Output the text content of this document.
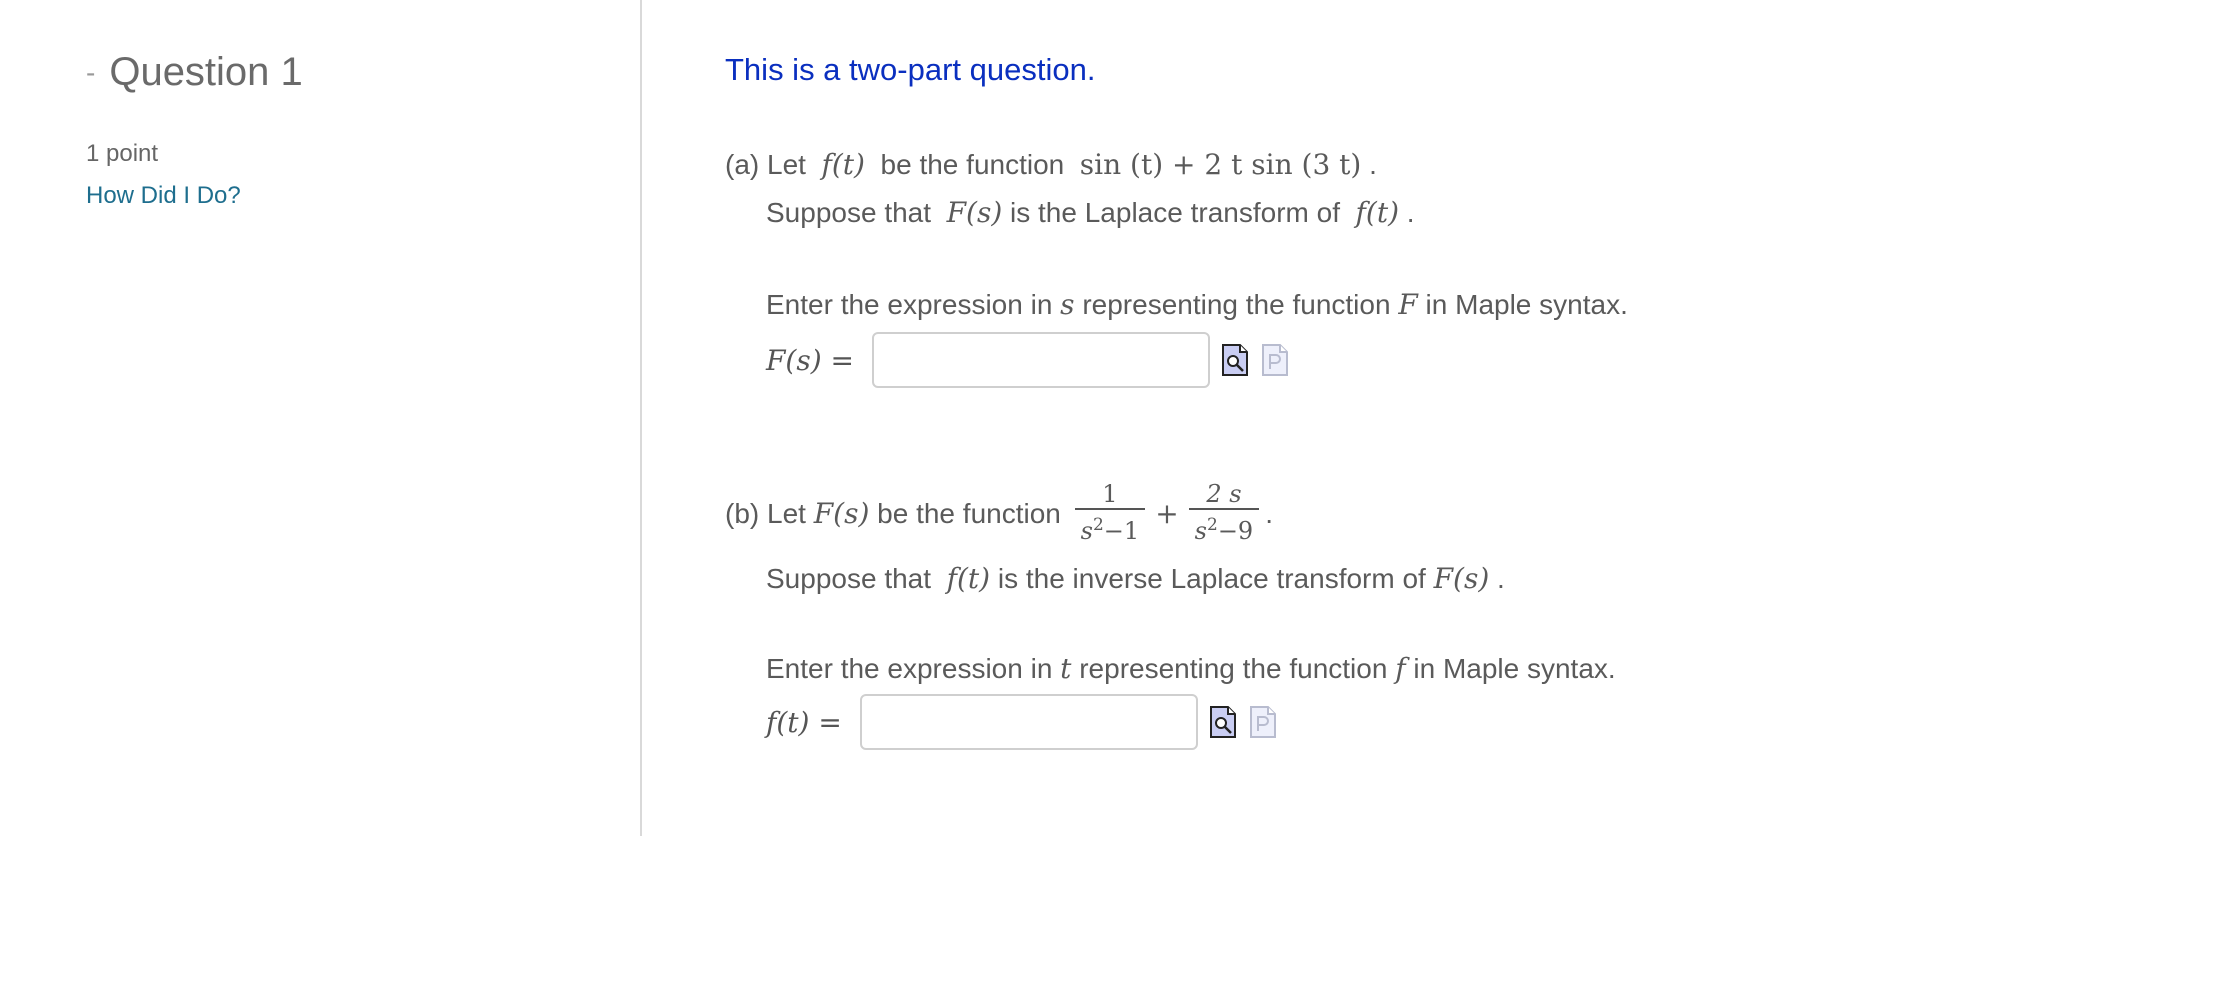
- Question 1
1 point
How Did I Do?
This is a two-part question.
(a) Let f(t) be the function sin (t) + 2 t sin (3 t) .
Suppose that F(s) is the Laplace transform of f(t) .
Enter the expression in s representing the function F in Maple syntax.
F(s) =
(b) Let
F(s)
be the function
$\frac{1}{s^2-1} + \frac{2 s}{s^2-9}$ .
Suppose that f(t) is the inverse Laplace transform of F(s) .
Enter the expression in t representing the function f in Maple syntax.
f(t) =
